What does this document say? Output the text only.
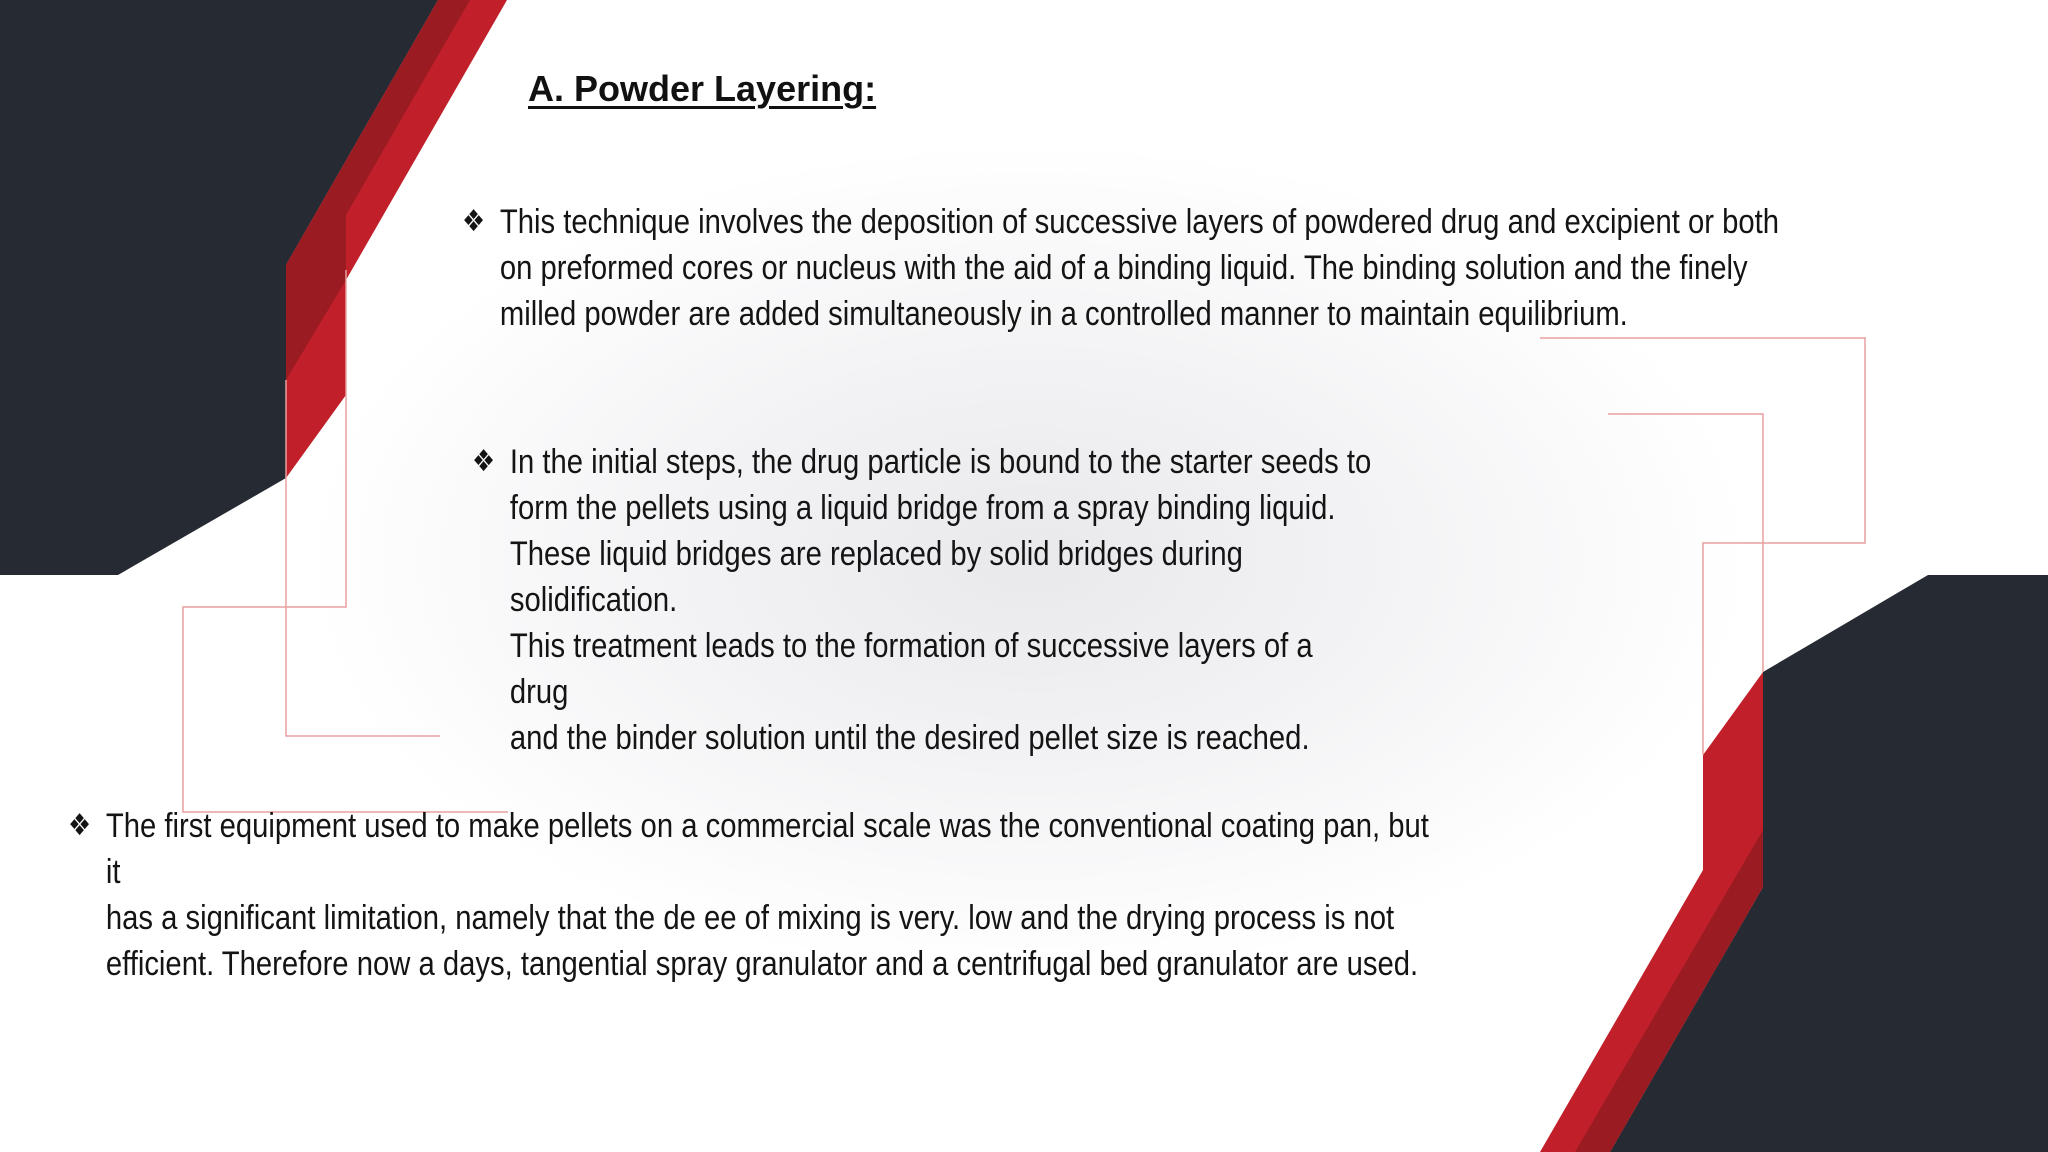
A. Powder Layering:
❖ This technique involves the deposition of successive layers of powdered drug and excipient or both
on preformed cores or nucleus with the aid of a binding liquid. The binding solution and the finely
milled powder are added simultaneously in a controlled manner to maintain equilibrium.

❖ In the initial steps, the drug particle is bound to the starter seeds to
form the pellets using a liquid bridge from a spray binding liquid.
These liquid bridges are replaced by solid bridges during solidification.
This treatment leads to the formation of successive layers of a drug
and the binder solution until the desired pellet size is reached.

❖ The first equipment used to make pellets on a commercial scale was the conventional coating pan, but it
has a significant limitation, namely that the de ee of mixing is very. low and the drying process is not
efficient. Therefore now a days, tangential spray granulator and a centrifugal bed granulator are used.
